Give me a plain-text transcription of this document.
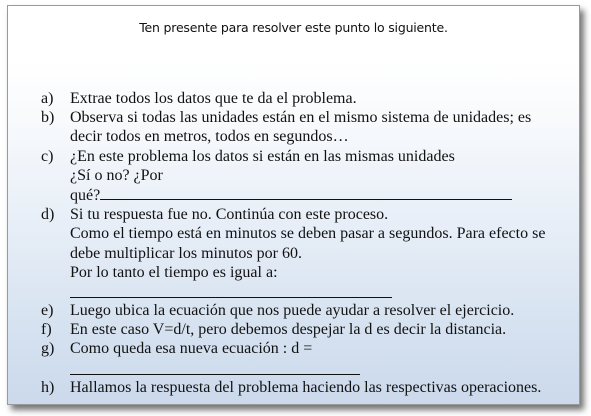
Ten presente para resolver este punto lo siguiente.
a)	Extrae todos los datos que te da el problema.
b) Observa si todas las unidades están en el mismo sistema de unidades; es
decir todos en metros, todos en segundos…
c)	¿En este problema los datos si están en las mismas unidades
¿Sí o no? ¿Por
qué?
d) Si tu respuesta fue no. Continúa con este proceso.
Como el tiempo está en minutos se deben pasar a segundos. Para efecto se
debe multiplicar los minutos por 60.
Por lo tanto el tiempo es igual a:
e)	Luego ubica la ecuación que nos puede ayudar a resolver el ejercicio.
f)	En este caso V=d/t, pero debemos despejar la d es decir la distancia.
g) Como queda esa nueva ecuación : d =
h) Hallamos la respuesta del problema haciendo las respectivas operaciones.
